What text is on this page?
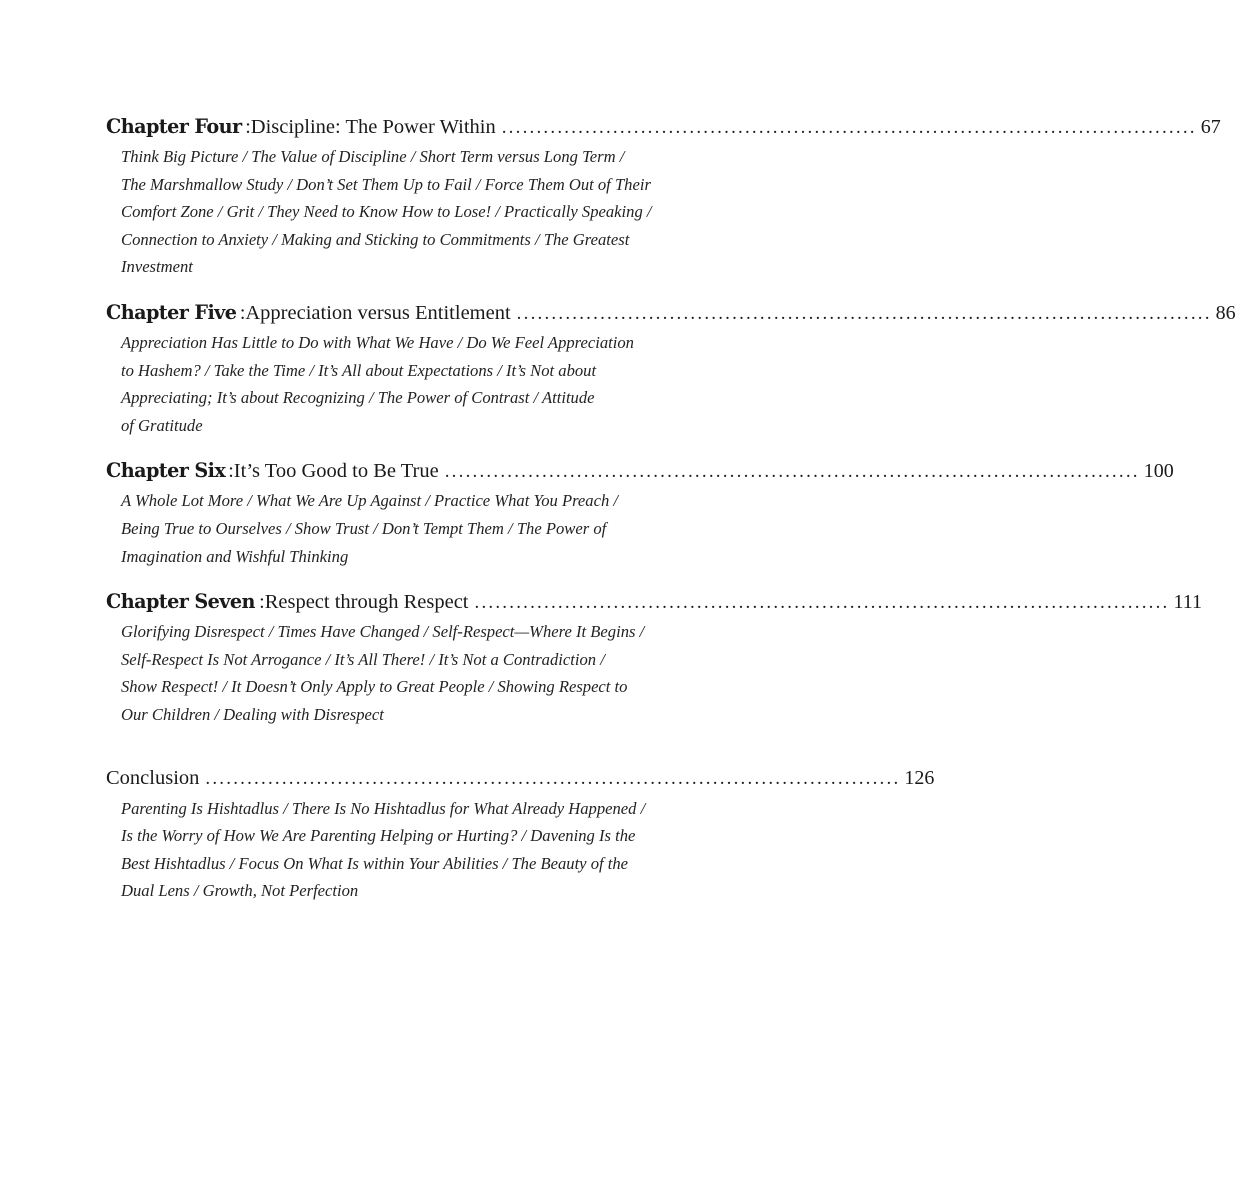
Chapter Four : Discipline: The Power Within .................................................................................................... 67
Think Big Picture / The Value of Discipline / Short Term versus Long Term /
The Marshmallow Study / Don’t Set Them Up to Fail / Force Them Out of Their
Comfort Zone / Grit / They Need to Know How to Lose! / Practically Speaking /
Connection to Anxiety / Making and Sticking to Commitments / The Greatest
Investment
Chapter Five : Appreciation versus Entitlement .................................................................................................... 86
Appreciation Has Little to Do with What We Have / Do We Feel Appreciation
to Hashem? / Take the Time / It’s All about Expectations / It’s Not about
Appreciating; It’s about Recognizing / The Power of Contrast / Attitude
of Gratitude
Chapter Six : It’s Too Good to Be True .................................................................................................... 100
A Whole Lot More / What We Are Up Against / Practice What You Preach /
Being True to Ourselves / Show Trust / Don’t Tempt Them / The Power of
Imagination and Wishful Thinking
Chapter Seven : Respect through Respect .................................................................................................... 111
Glorifying Disrespect / Times Have Changed / Self-Respect—Where It Begins /
Self-Respect Is Not Arrogance / It’s All There! / It’s Not a Contradiction /
Show Respect! / It Doesn’t Only Apply to Great People / Showing Respect to
Our Children / Dealing with Disrespect
Conclusion .................................................................................................... 126
Parenting Is Hishtadlus / There Is No Hishtadlus for What Already Happened /
Is the Worry of How We Are Parenting Helping or Hurting? / Davening Is the
Best Hishtadlus / Focus On What Is within Your Abilities / The Beauty of the
Dual Lens / Growth, Not Perfection
